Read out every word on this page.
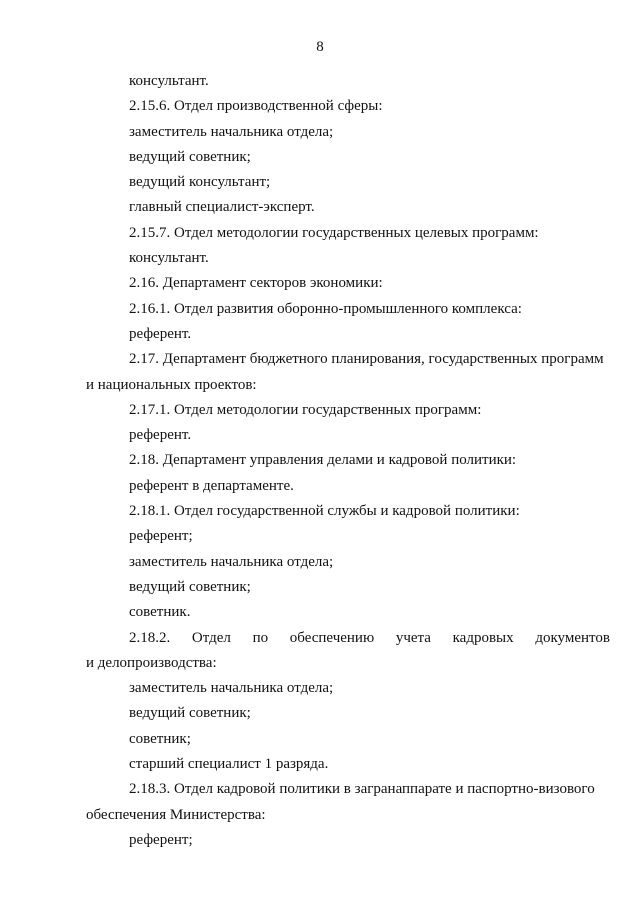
8
консультант.
2.15.6. Отдел производственной сферы:
заместитель начальника отдела;
ведущий советник;
ведущий консультант;
главный специалист-эксперт.
2.15.7. Отдел методологии государственных целевых программ:
консультант.
2.16. Департамент секторов экономики:
2.16.1. Отдел развития оборонно-промышленного комплекса:
референт.
2.17. Департамент бюджетного планирования, государственных программ
и национальных проектов:
2.17.1. Отдел методологии государственных программ:
референт.
2.18. Департамент управления делами и кадровой политики:
референт в департаменте.
2.18.1. Отдел государственной службы и кадровой политики:
референт;
заместитель начальника отдела;
ведущий советник;
советник.
2.18.2. Отдел по обеспечению учета кадровых документов
и делопроизводства:
заместитель начальника отдела;
ведущий советник;
советник;
старший специалист 1 разряда.
2.18.3. Отдел кадровой политики в загранаппарате и паспортно-визового
обеспечения Министерства:
референт;
